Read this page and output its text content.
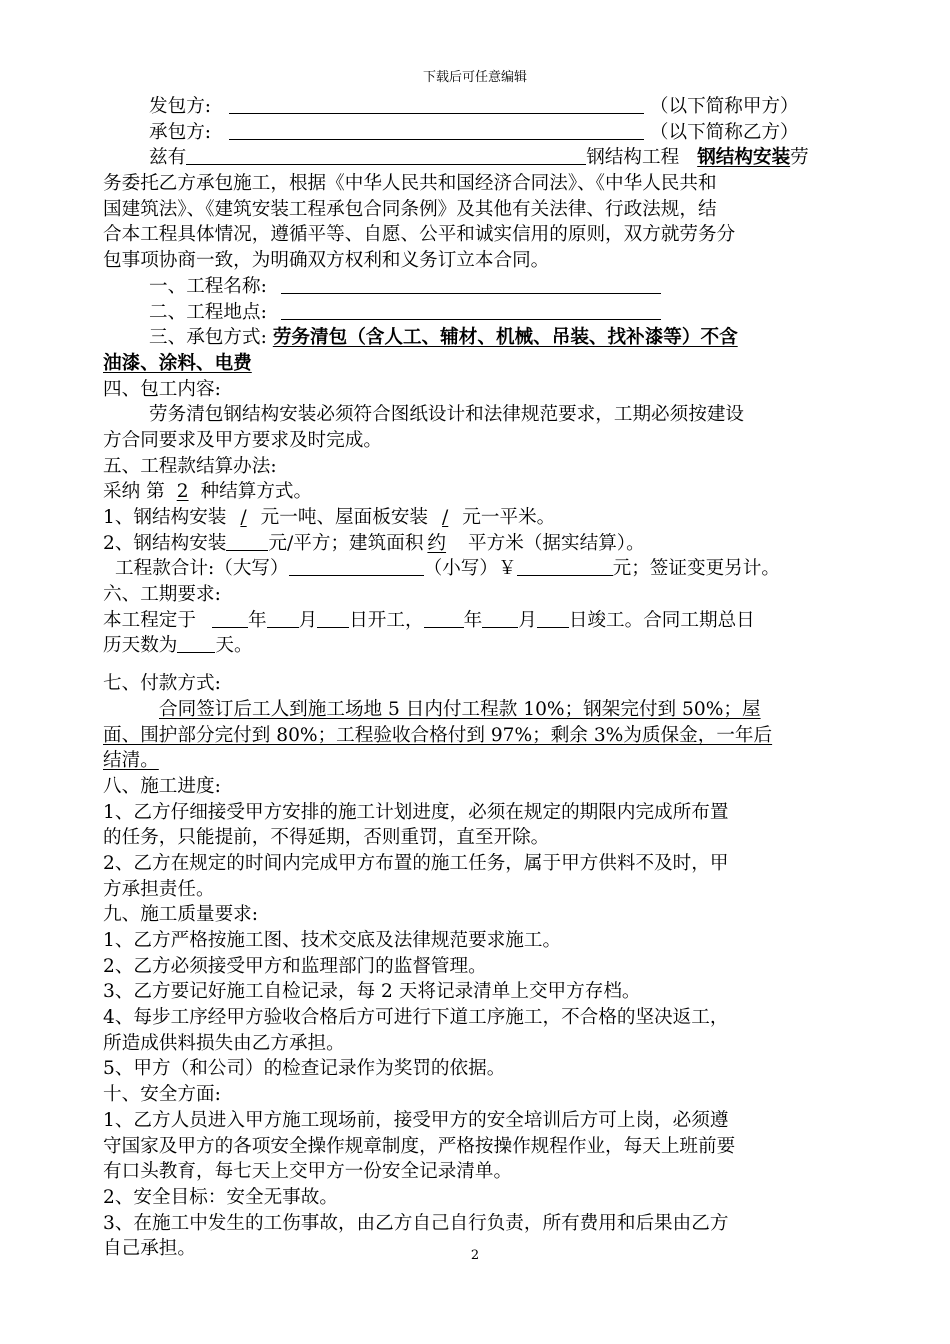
下载后可任意编辑
发包方:	（以下简称甲方）
承包方:	（以下简称乙方）
兹有	钢结构工程 钢结构安装劳
务委托乙方承包施工，根据《中华人民共和国经济合同法》、《中华人民共和
国建筑法》、《建筑安装工程承包合同条例》及其他有关法律、行政法规，结
合本工程具体情况，遵循平等、自愿、公平和诚实信用的原则，双方就劳务分
包事项协商一致，为明确双方权利和义务订立本合同。
一、工程名称:
二、工程地点:
三、承包方式: 劳务清包（含人工、辅材、机械、吊装、找补漆等）不含
油漆、涂料、电费
四、包工内容:
劳务清包钢结构安装必须符合图纸设计和法律规范要求，工期必须按建设
方合同要求及甲方要求及时完成。
五、工程款结算办法:
采纳 第 2 种结算方式。
1、钢结构安装 / 元一吨、屋面板安装 / 元一平米。
2、钢结构安装 元/平方；建筑面积 约 平方米（据实结算）。
工程款合计:（大写）	（小写）￥	元；签证变更另计。
六、工期要求:
本工程定于	年 月 日开工， 年 月 日竣工。合同工期总日
历天数为 天。
七、付款方式:
合同签订后工人到施工场地 5 日内付工程款 10%；钢架完付到 50%；屋
面、围护部分完付到 80%；工程验收合格付到 97%；剩余 3%为质保金，一年后
结清。
八、施工进度:
1、乙方仔细接受甲方安排的施工计划进度，必须在规定的期限内完成所布置
的任务，只能提前，不得延期，否则重罚，直至开除。
2、乙方在规定的时间内完成甲方布置的施工任务，属于甲方供料不及时，甲
方承担责任。
九、施工质量要求:
1、乙方严格按施工图、技术交底及法律规范要求施工。
2、乙方必须接受甲方和监理部门的监督管理。
3、乙方要记好施工自检记录，每 2 天将记录清单上交甲方存档。
4、每步工序经甲方验收合格后方可进行下道工序施工，不合格的坚决返工，
所造成供料损失由乙方承担。
5、甲方（和公司）的检查记录作为奖罚的依据。
十、安全方面:
1、乙方人员进入甲方施工现场前，接受甲方的安全培训后方可上岗，必须遵
守国家及甲方的各项安全操作规章制度，严格按操作规程作业，每天上班前要
有口头教育，每七天上交甲方一份安全记录清单。
2、安全目标：安全无事故。
3、在施工中发生的工伤事故，由乙方自己自行负责，所有费用和后果由乙方
自己承担。	2
